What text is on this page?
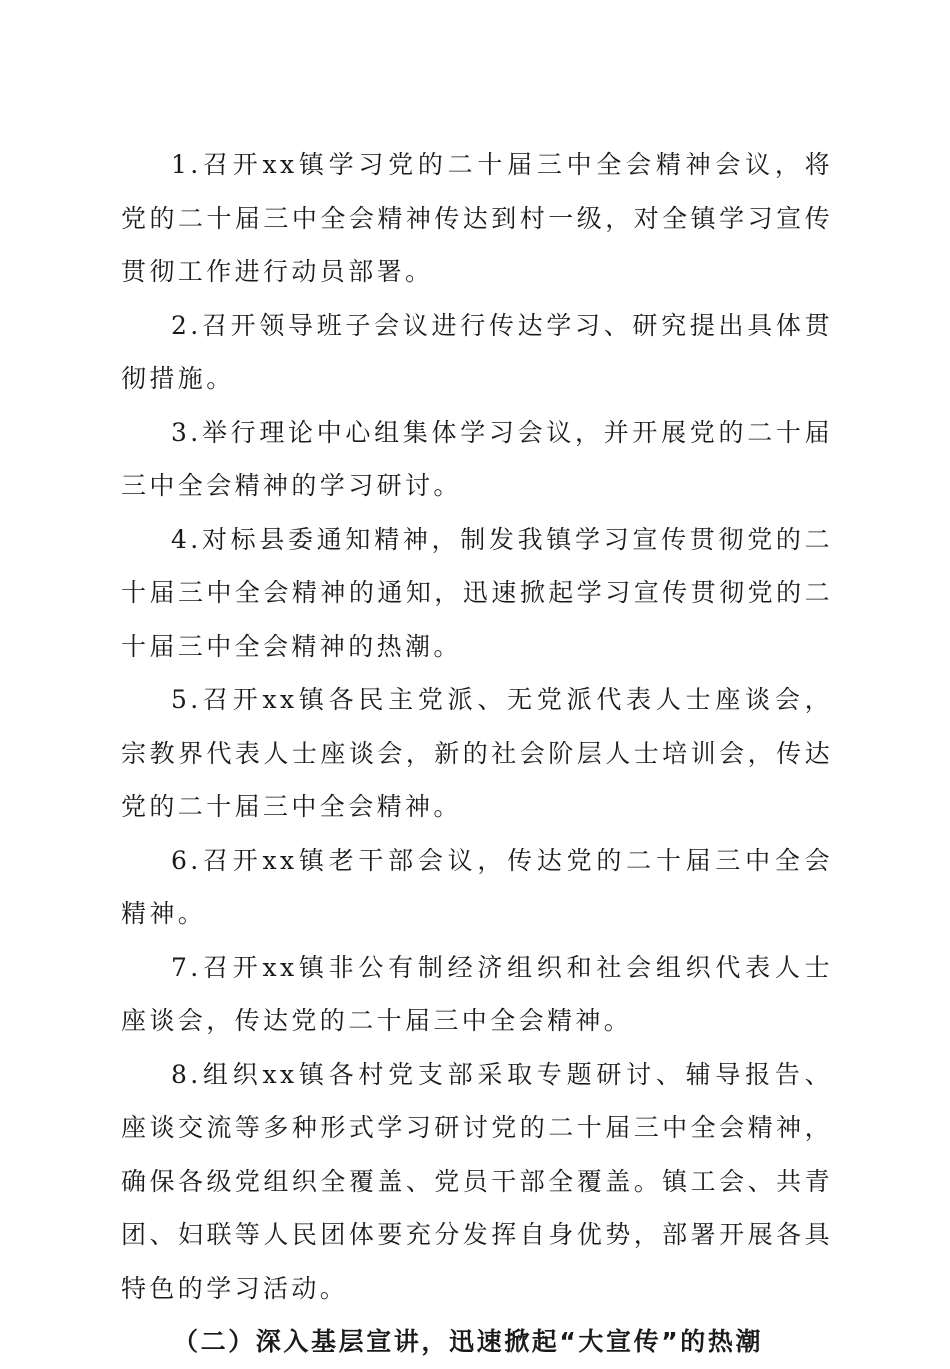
1.召开xx镇学习党的二十届三中全会精神会议，将党的二十届三中全会精神传达到村一级，对全镇学习宣传贯彻工作进行动员部署。

2.召开领导班子会议进行传达学习、研究提出具体贯彻措施。

3.举行理论中心组集体学习会议，并开展党的二十届三中全会精神的学习研讨。

4.对标县委通知精神，制发我镇学习宣传贯彻党的二十届三中全会精神的通知，迅速掀起学习宣传贯彻党的二十届三中全会精神的热潮。

5.召开xx镇各民主党派、无党派代表人士座谈会，宗教界代表人士座谈会，新的社会阶层人士培训会，传达党的二十届三中全会精神。

6.召开xx镇老干部会议，传达党的二十届三中全会精神。

7.召开xx镇非公有制经济组织和社会组织代表人士座谈会，传达党的二十届三中全会精神。

8.组织xx镇各村党支部采取专题研讨、辅导报告、座谈交流等多种形式学习研讨党的二十届三中全会精神，确保各级党组织全覆盖、党员干部全覆盖。镇工会、共青团、妇联等人民团体要充分发挥自身优势，部署开展各具特色的学习活动。

（二）深入基层宣讲，迅速掀起“大宣传”的热潮
